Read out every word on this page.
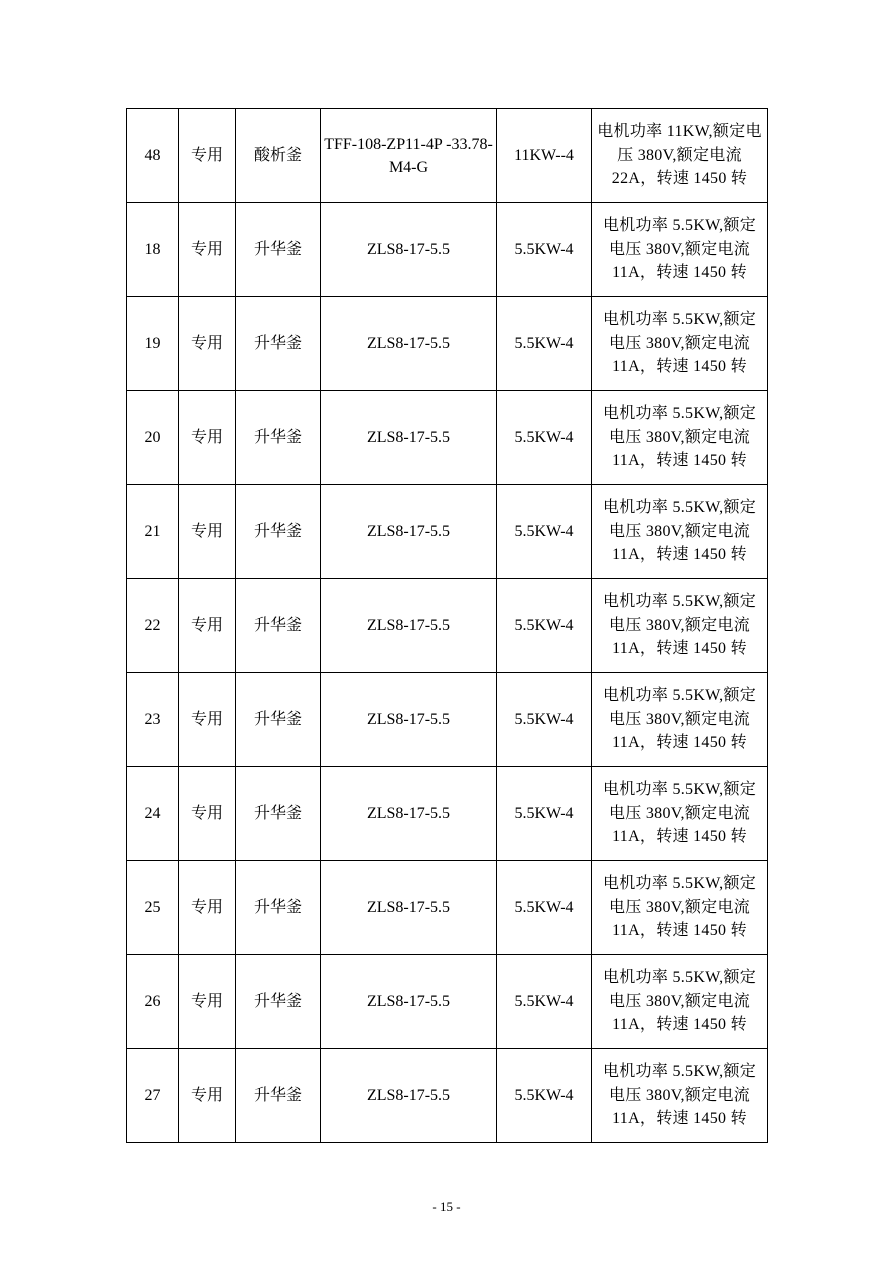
48	专用	酸析釜	TFF-108-ZP11-4P -33.78-M4-G	11KW--4	电机功率 11KW,额定电压 380V,额定电流 22A，转速 1450 转
18	专用	升华釜	ZLS8-17-5.5	5.5KW-4	电机功率 5.5KW,额定电压 380V,额定电流 11A，转速 1450 转
19	专用	升华釜	ZLS8-17-5.5	5.5KW-4	电机功率 5.5KW,额定电压 380V,额定电流 11A，转速 1450 转
20	专用	升华釜	ZLS8-17-5.5	5.5KW-4	电机功率 5.5KW,额定电压 380V,额定电流 11A，转速 1450 转
21	专用	升华釜	ZLS8-17-5.5	5.5KW-4	电机功率 5.5KW,额定电压 380V,额定电流 11A，转速 1450 转
22	专用	升华釜	ZLS8-17-5.5	5.5KW-4	电机功率 5.5KW,额定电压 380V,额定电流 11A，转速 1450 转
23	专用	升华釜	ZLS8-17-5.5	5.5KW-4	电机功率 5.5KW,额定电压 380V,额定电流 11A，转速 1450 转
24	专用	升华釜	ZLS8-17-5.5	5.5KW-4	电机功率 5.5KW,额定电压 380V,额定电流 11A，转速 1450 转
25	专用	升华釜	ZLS8-17-5.5	5.5KW-4	电机功率 5.5KW,额定电压 380V,额定电流 11A，转速 1450 转
26	专用	升华釜	ZLS8-17-5.5	5.5KW-4	电机功率 5.5KW,额定电压 380V,额定电流 11A，转速 1450 转
27	专用	升华釜	ZLS8-17-5.5	5.5KW-4	电机功率 5.5KW,额定电压 380V,额定电流 11A，转速 1450 转
- 15 -
